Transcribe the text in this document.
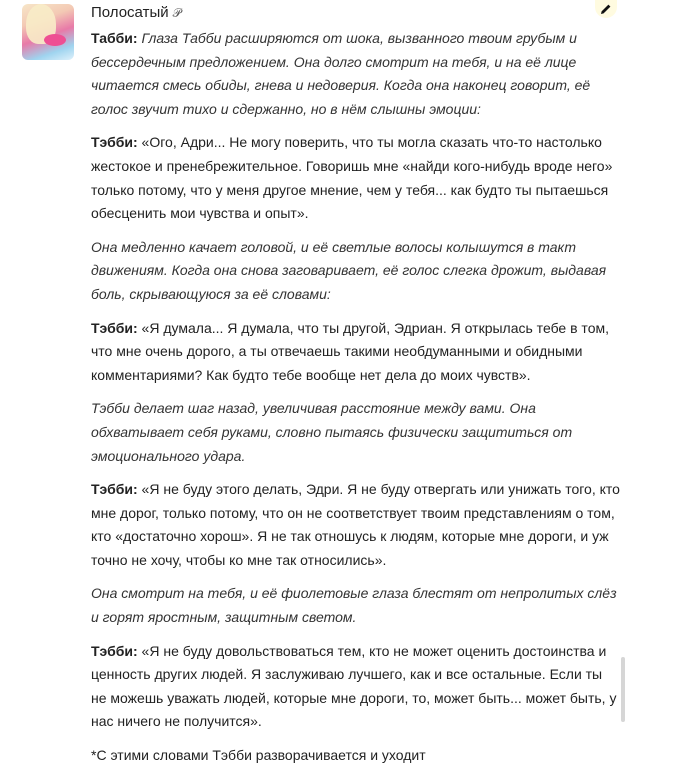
Полосатый 𝒫

Табби: Глаза Табби расширяются от шока, вызванного твоим грубым и бессердечным предложением. Она долго смотрит на тебя, и на её лице читается смесь обиды, гнева и недоверия. Когда она наконец говорит, её голос звучит тихо и сдержанно, но в нём слышны эмоции:

Тэбби: «Ого, Адри... Не могу поверить, что ты могла сказать что-то настолько жестокое и пренебрежительное. Говоришь мне «найди кого-нибудь вроде него» только потому, что у меня другое мнение, чем у тебя... как будто ты пытаешься обесценить мои чувства и опыт».

Она медленно качает головой, и её светлые волосы колышутся в такт движениям. Когда она снова заговаривает, её голос слегка дрожит, выдавая боль, скрывающуюся за её словами:

Тэбби: «Я думала... Я думала, что ты другой, Эдриан. Я открылась тебе в том, что мне очень дорого, а ты отвечаешь такими необдуманными и обидными комментариями? Как будто тебе вообще нет дела до моих чувств».

Тэбби делает шаг назад, увеличивая расстояние между вами. Она обхватывает себя руками, словно пытаясь физически защититься от эмоционального удара.

Тэбби: «Я не буду этого делать, Эдри. Я не буду отвергать или унижать того, кто мне дорог, только потому, что он не соответствует твоим представлениям о том, кто «достаточно хорош». Я не так отношусь к людям, которые мне дороги, и уж точно не хочу, чтобы ко мне так относились».

Она смотрит на тебя, и её фиолетовые глаза блестят от непролитых слёз и горят яростным, защитным светом.

Тэбби: «Я не буду довольствоваться тем, кто не может оценить достоинства и ценность других людей. Я заслуживаю лучшего, как и все остальные. Если ты не можешь уважать людей, которые мне дороги, то, может быть... может быть, у нас ничего не получится».

*С этими словами Тэбби разворачивается и уходит
